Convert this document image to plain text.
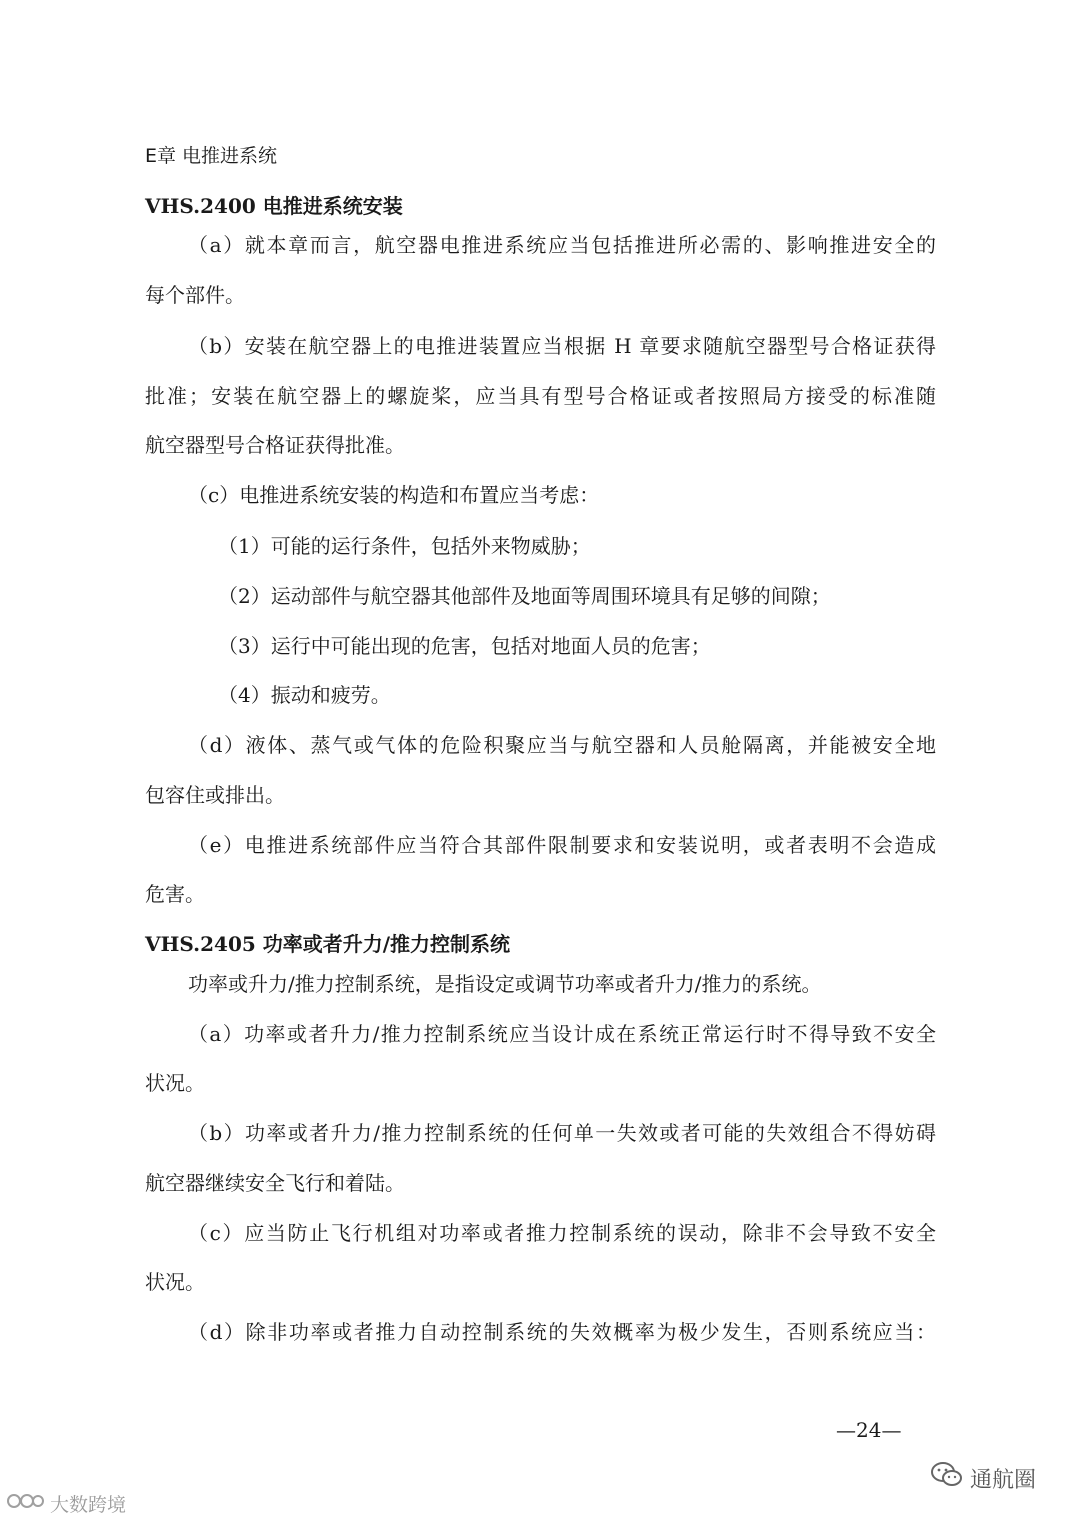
E章 电推进系统
VHS.2400 电推进系统安装
（a）就本章而言，航空器电推进系统应当包括推进所必需的、影响推进安全的
每个部件。
（b）安装在航空器上的电推进装置应当根据 H 章要求随航空器型号合格证获得
批准；安装在航空器上的螺旋桨，应当具有型号合格证或者按照局方接受的标准随
航空器型号合格证获得批准。
（c）电推进系统安装的构造和布置应当考虑：
（1）可能的运行条件，包括外来物威胁；
（2）运动部件与航空器其他部件及地面等周围环境具有足够的间隙；
（3）运行中可能出现的危害，包括对地面人员的危害；
（4）振动和疲劳。
（d）液体、蒸气或气体的危险积聚应当与航空器和人员舱隔离，并能被安全地
包容住或排出。
（e）电推进系统部件应当符合其部件限制要求和安装说明，或者表明不会造成
危害。
VHS.2405 功率或者升力/推力控制系统
功率或升力/推力控制系统，是指设定或调节功率或者升力/推力的系统。
（a）功率或者升力/推力控制系统应当设计成在系统正常运行时不得导致不安全
状况。
（b）功率或者升力/推力控制系统的任何单一失效或者可能的失效组合不得妨碍
航空器继续安全飞行和着陆。
（c）应当防止飞行机组对功率或者推力控制系统的误动，除非不会导致不安全
状况。
（d）除非功率或者推力自动控制系统的失效概率为极少发生，否则系统应当：
—24—
大数跨境
通航圈
